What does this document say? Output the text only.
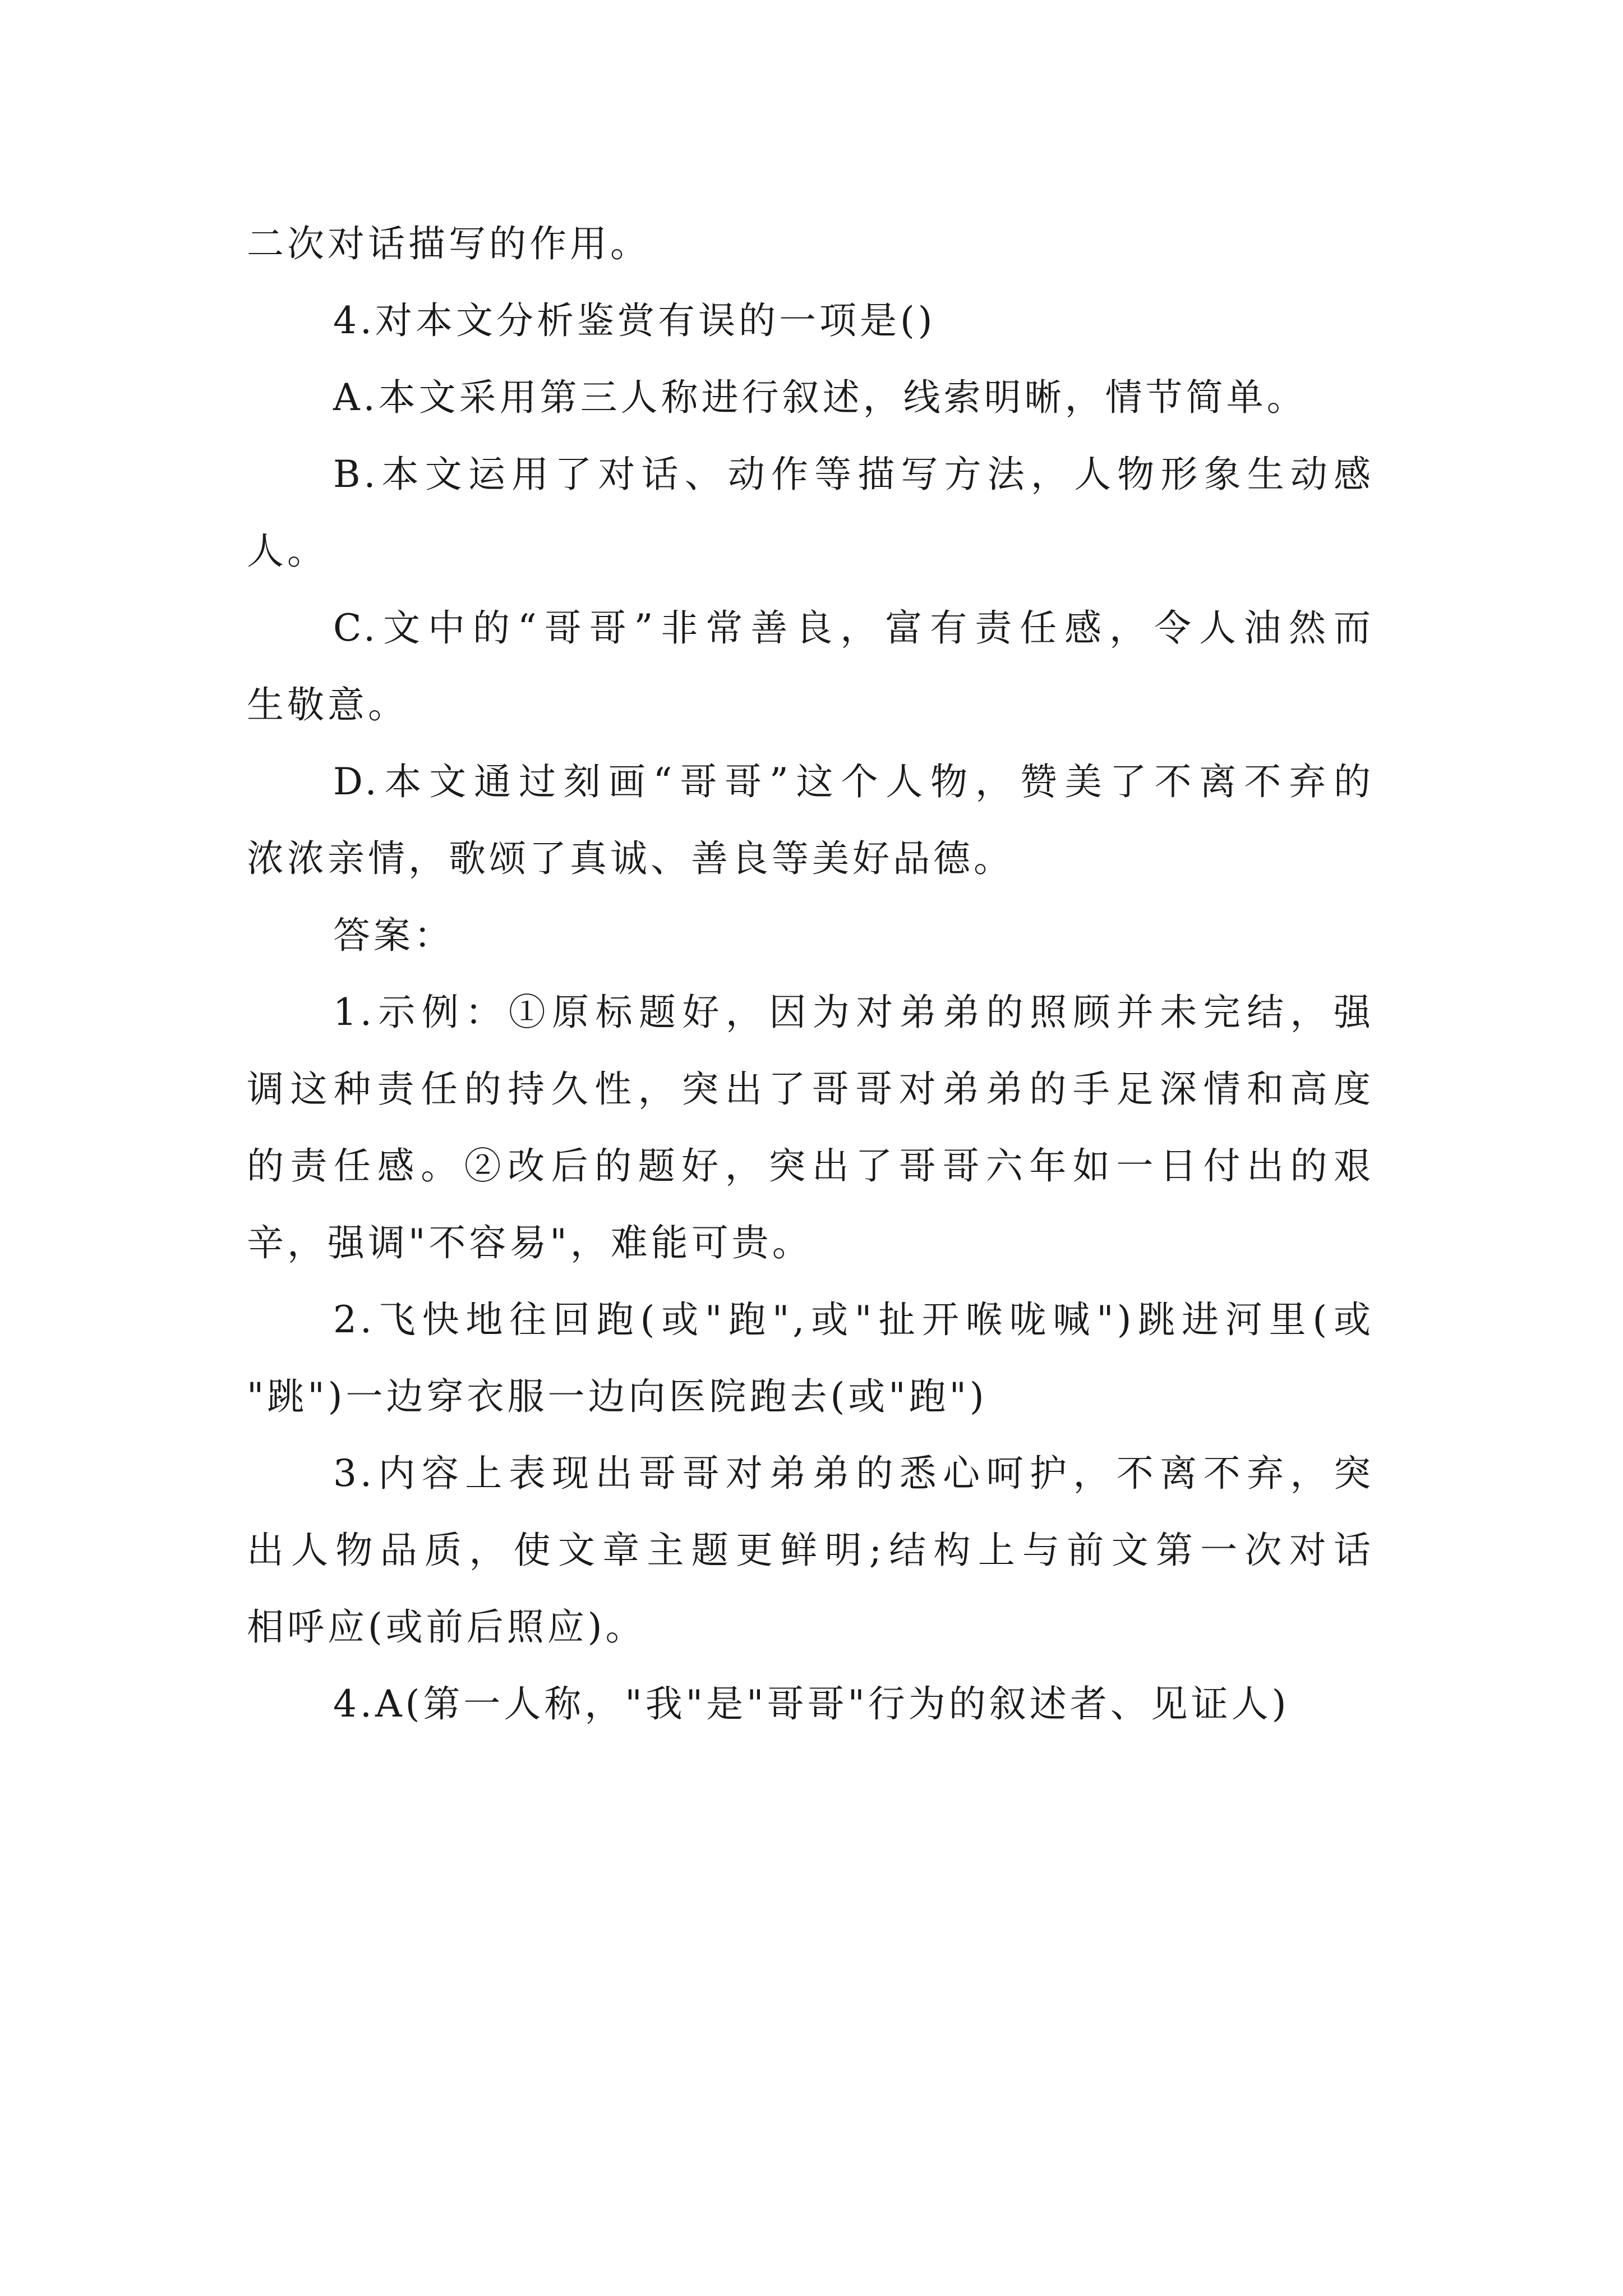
二次对话描写的作用。
4.对本文分析鉴赏有误的一项是()
A.本文采用第三人称进行叙述，线索明晰，情节简单。
B.本文运用了对话、动作等描写方法，人物形象生动感
人。
C.文中的“哥哥”非常善良，富有责任感，令人油然而
生敬意。
D.本文通过刻画“哥哥”这个人物，赞美了不离不弃的
浓浓亲情，歌颂了真诚、善良等美好品德。
答案：
1.示例：①原标题好，因为对弟弟的照顾并未完结，强
调这种责任的持久性，突出了哥哥对弟弟的手足深情和高度
的责任感。②改后的题好，突出了哥哥六年如一日付出的艰
辛，强调"不容易"，难能可贵。
2.飞快地往回跑(或"跑",或"扯开喉咙喊")跳进河里(或
"跳")一边穿衣服一边向医院跑去(或"跑")
3.内容上表现出哥哥对弟弟的悉心呵护，不离不弃，突
出人物品质，使文章主题更鲜明;结构上与前文第一次对话
相呼应(或前后照应)。
4.A(第一人称，"我"是"哥哥"行为的叙述者、见证人)
